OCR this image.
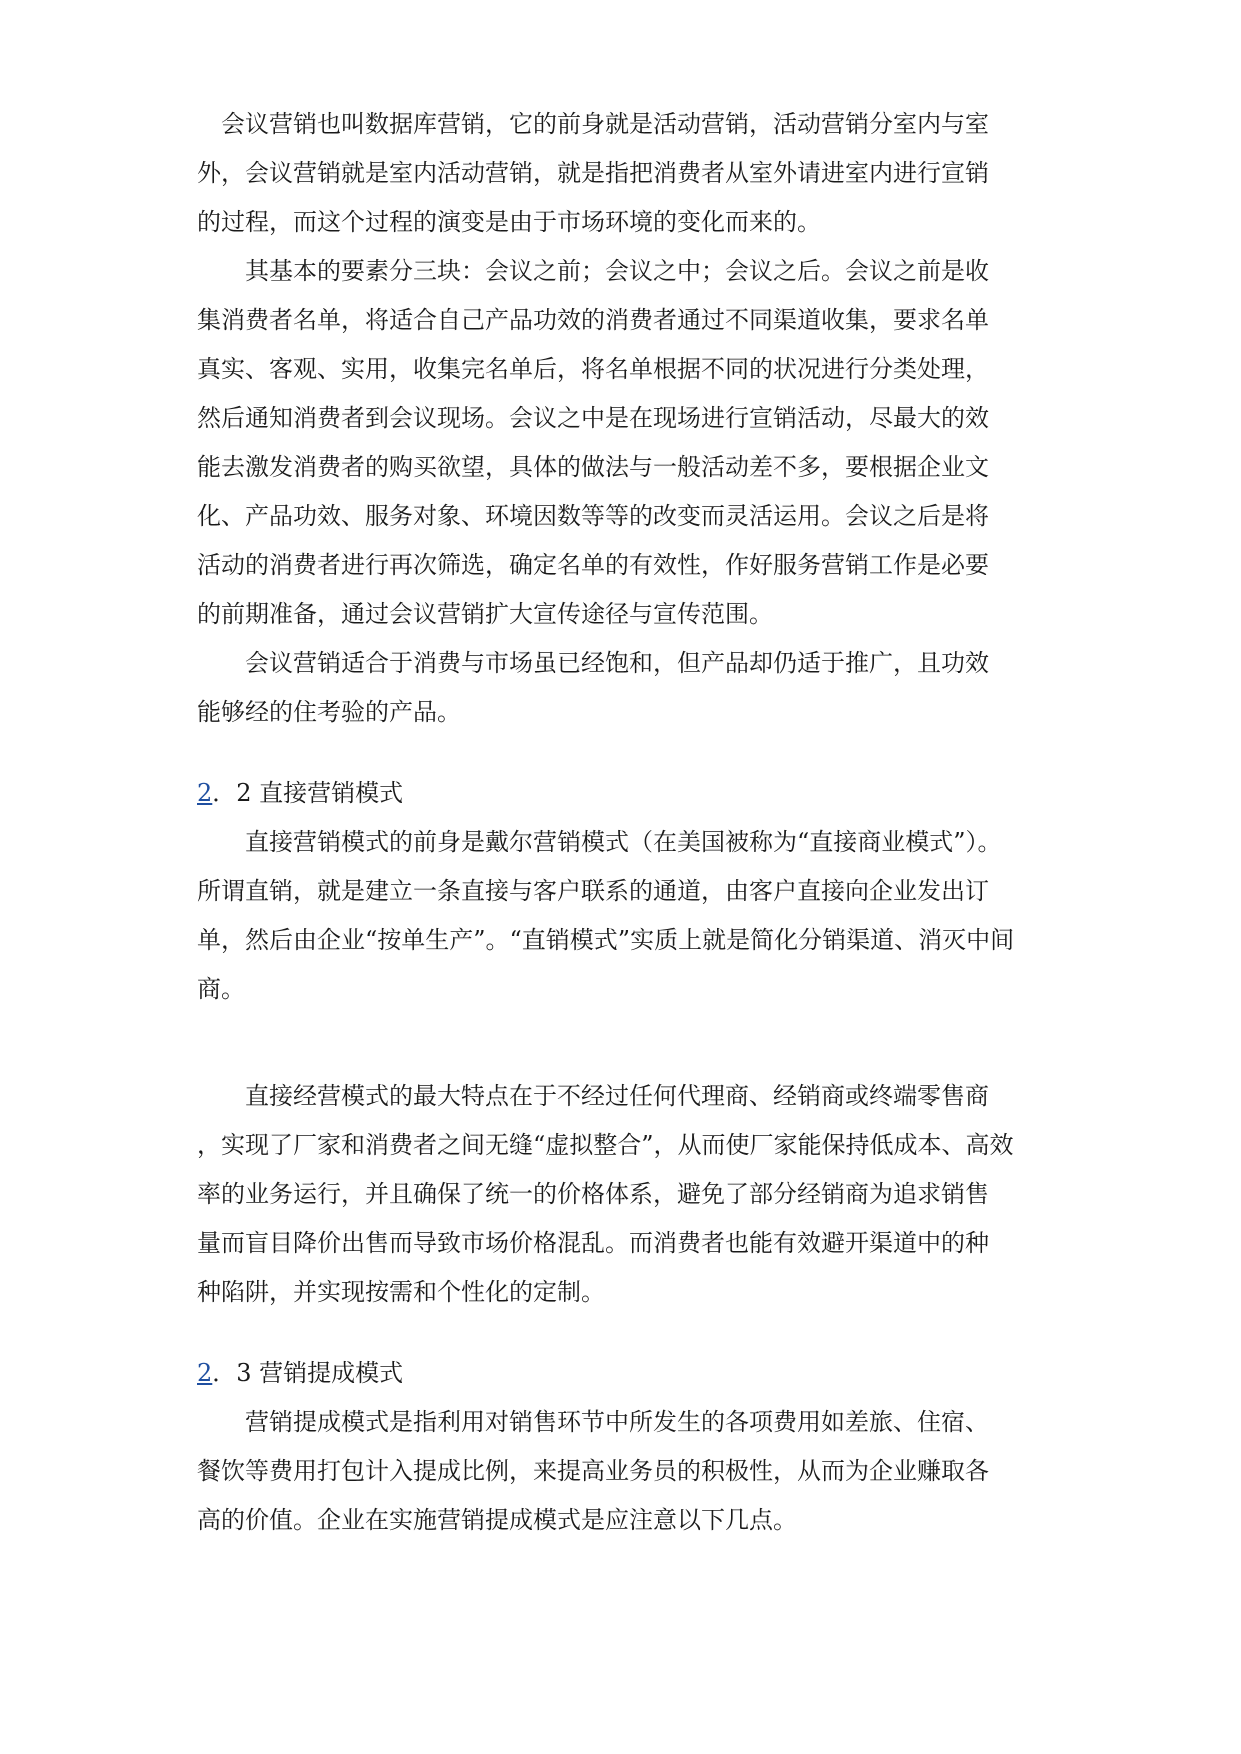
　会议营销也叫数据库营销，它的前身就是活动营销，活动营销分室内与室
外，会议营销就是室内活动营销，就是指把消费者从室外请进室内进行宣销
的过程，而这个过程的演变是由于市场环境的变化而来的。
　　其基本的要素分三块：会议之前；会议之中；会议之后。会议之前是收
集消费者名单，将适合自己产品功效的消费者通过不同渠道收集，要求名单
真实、客观、实用，收集完名单后，将名单根据不同的状况进行分类处理，
然后通知消费者到会议现场。会议之中是在现场进行宣销活动，尽最大的效
能去激发消费者的购买欲望，具体的做法与一般活动差不多，要根据企业文
化、产品功效、服务对象、环境因数等等的改变而灵活运用。会议之后是将
活动的消费者进行再次筛选，确定名单的有效性，作好服务营销工作是必要
的前期准备，通过会议营销扩大宣传途径与宣传范围。
　　会议营销适合于消费与市场虽已经饱和，但产品却仍适于推广，且功效
能够经的住考验的产品。
2．2 直接营销模式
　　直接营销模式的前身是戴尔营销模式（在美国被称为“直接商业模式”）。
所谓直销，就是建立一条直接与客户联系的通道，由客户直接向企业发出订
单，然后由企业“按单生产”。“直销模式”实质上就是简化分销渠道、消灭中间
商。
　　直接经营模式的最大特点在于不经过任何代理商、经销商或终端零售商
，实现了厂家和消费者之间无缝“虚拟整合”，从而使厂家能保持低成本、高效
率的业务运行，并且确保了统一的价格体系，避免了部分经销商为追求销售
量而盲目降价出售而导致市场价格混乱。而消费者也能有效避开渠道中的种
种陷阱，并实现按需和个性化的定制。
2．3 营销提成模式
　　营销提成模式是指利用对销售环节中所发生的各项费用如差旅、住宿、
餐饮等费用打包计入提成比例，来提高业务员的积极性，从而为企业赚取各
高的价值。企业在实施营销提成模式是应注意以下几点。
